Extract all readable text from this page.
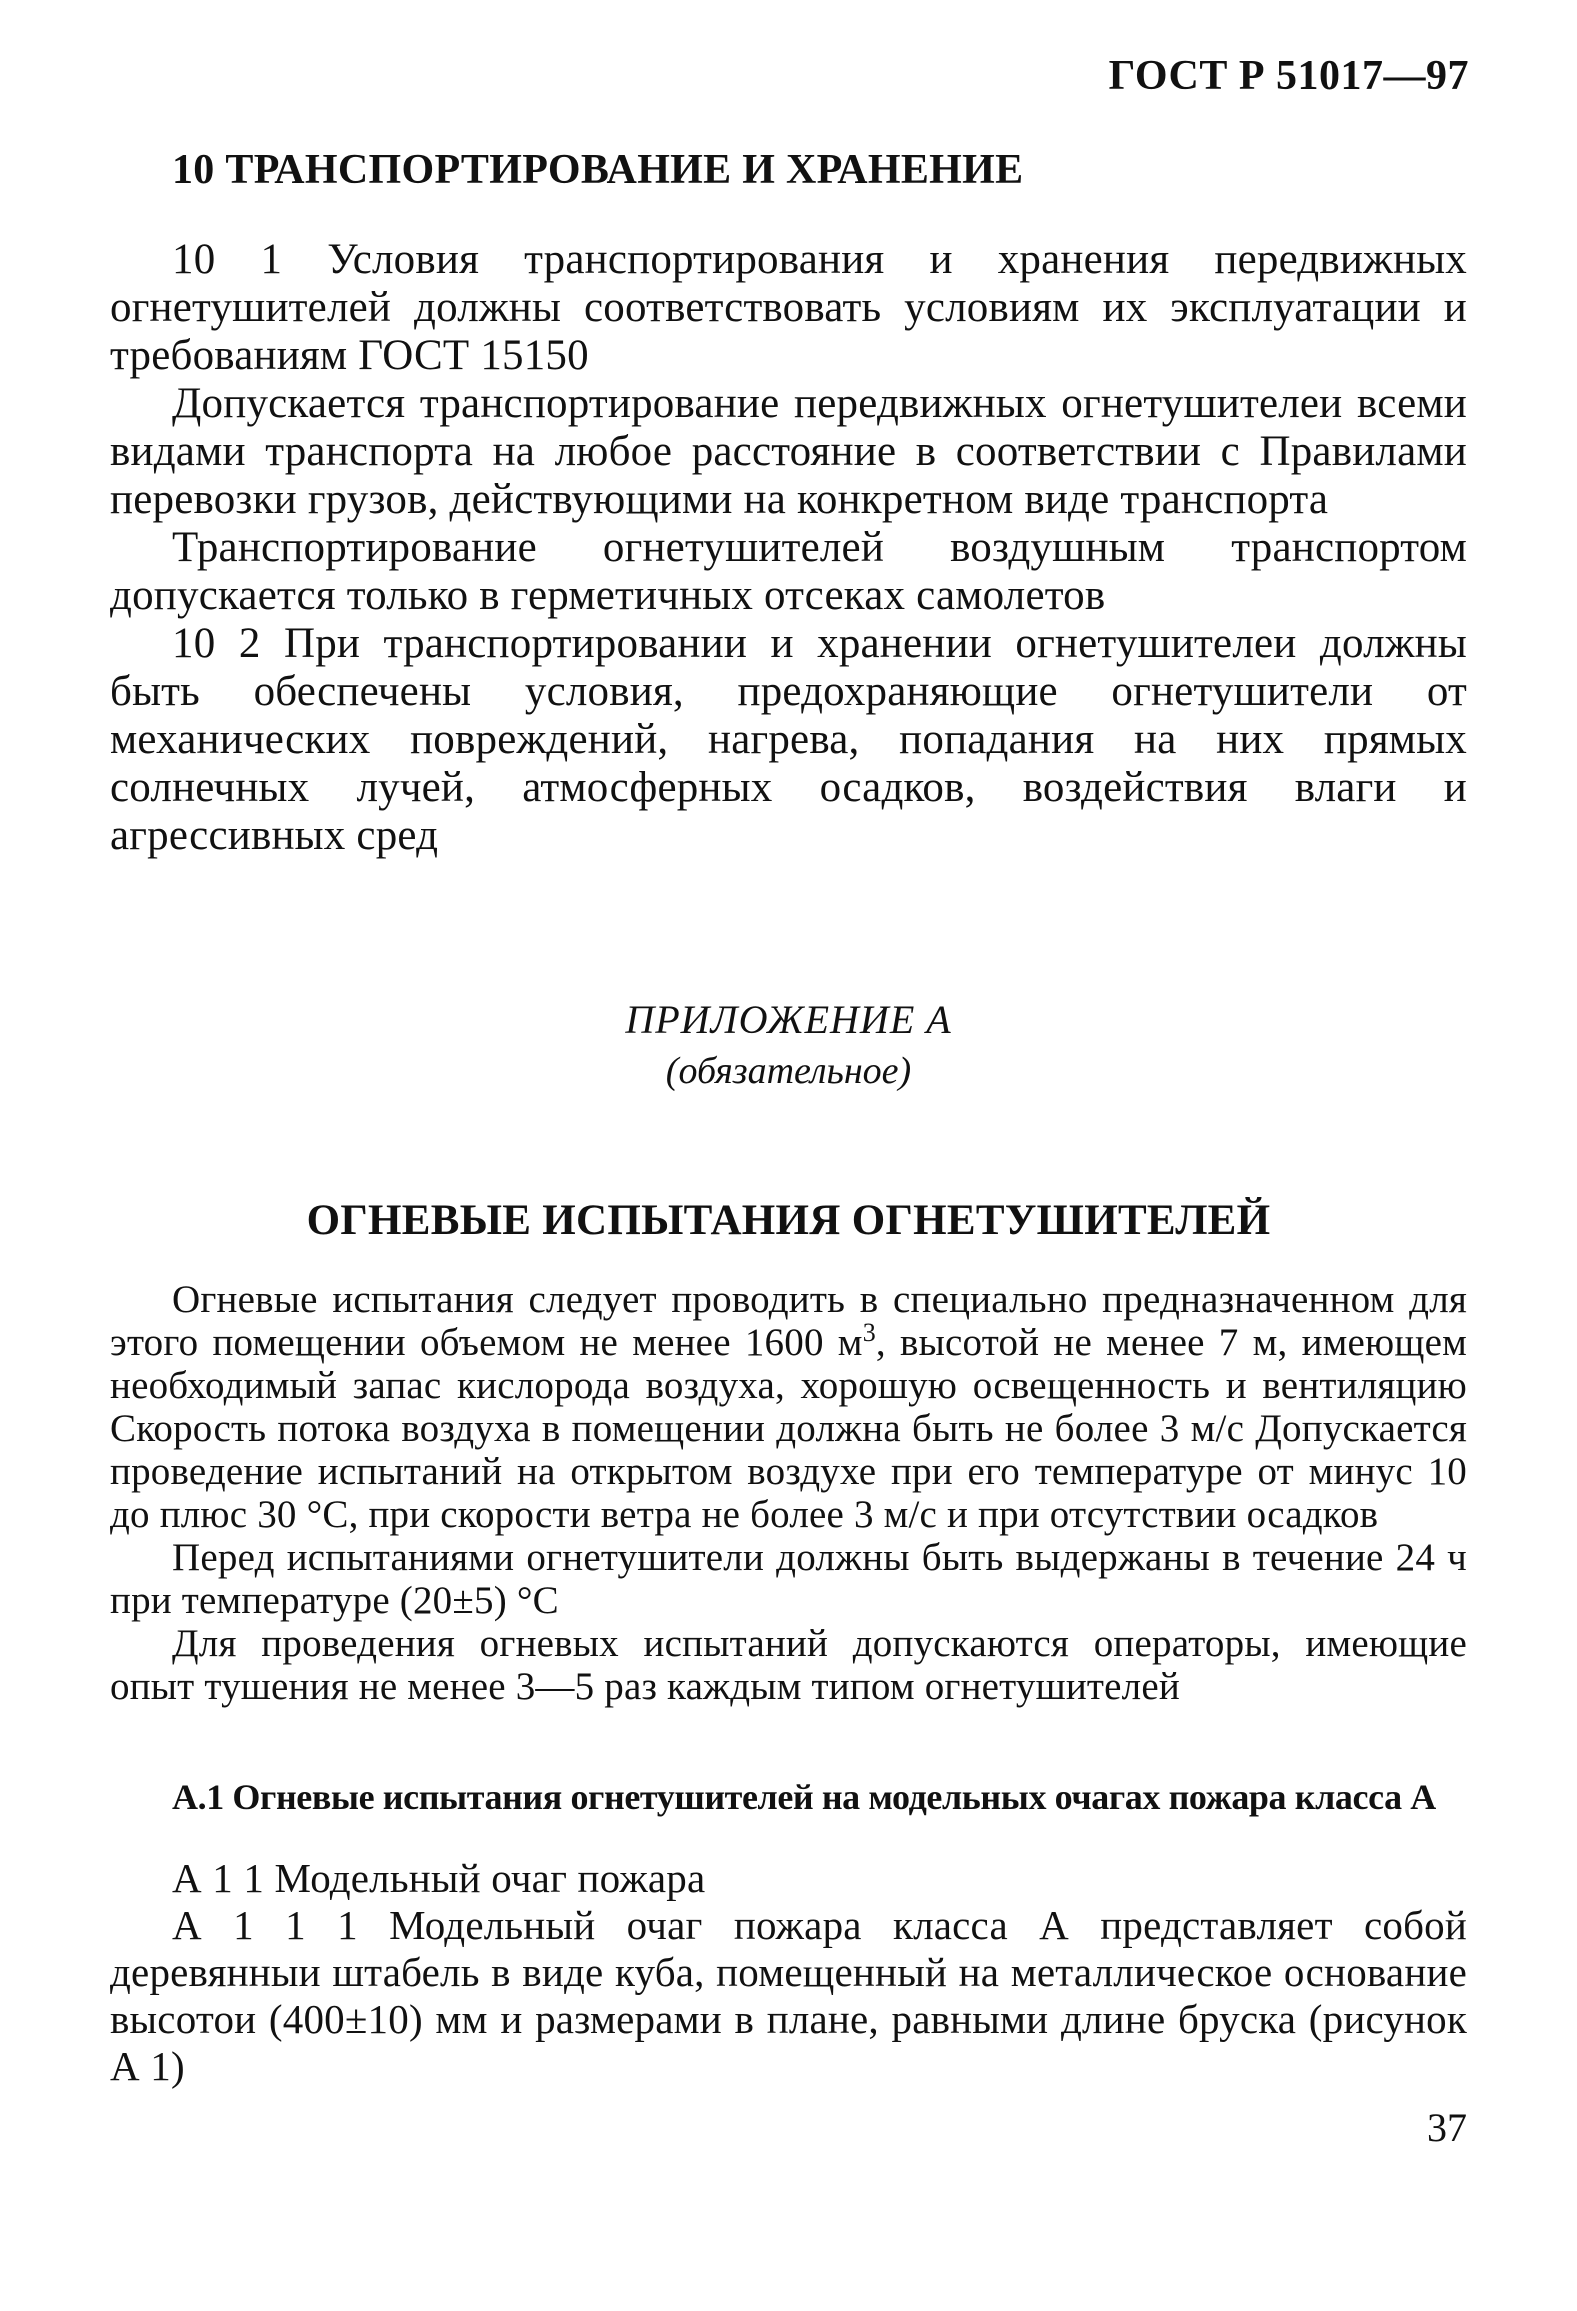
ГОСТ Р 51017—97
10 ТРАНСПОРТИРОВАНИЕ И ХРАНЕНИЕ

10 1 Условия транспортирования и хранения передвижных огнетушителей должны соответствовать условиям их эксплуатации и требованиям ГОСТ 15150

Допускается транспортирование передвижных огнетушителеи всеми видами транспорта на любое расстояние в соответствии с Правилами перевозки грузов, действующими на конкретном виде транспорта

Транспортирование огнетушителей воздушным транспортом допускается только в герметичных отсеках самолетов

10 2 При транспортировании и хранении огнетушителеи должны быть обеспечены условия, предохраняющие огнетушители от механических повреждений, нагрева, попадания на них прямых солнечных лучей, атмосферных осадков, воздействия влаги и агрессивных сред

ПРИЛОЖЕНИЕ А
(обязательное)
ОГНЕВЫЕ ИСПЫТАНИЯ ОГНЕТУШИТЕЛЕЙ

Огневые испытания следует проводить в специально предназначенном для этого помещении объемом не менее 1600 $м^3$, высотой не менее 7 м, имеющем необходимый запас кислорода воздуха, хорошую освещенность и вентиляцию Скорость потока воздуха в помещении должна быть не более 3 м/с Допускается проведение испытаний на открытом воздухе при его температуре от минус 10 до плюс 30 °С, при скорости ветра не более 3 м/с и при отсутствии осадков

Перед испытаниями огнетушители должны быть выдержаны в течение 24 ч при температуре (20±5) °С

Для проведения огневых испытаний допускаются операторы, имеющие опыт тушения не менее 3—5 раз каждым типом огнетушителей

А.1 Огневые испытания огнетушителей на модельных очагах пожара класса А

А 1 1 Модельный очаг пожара

А 1 1 1 Модельный очаг пожара класса А представляет собой деревянныи штабель в виде куба, помещенный на металлическое основание высотои (400±10) мм и размерами в плане, равными длине бруска (рисунок А 1)

37
